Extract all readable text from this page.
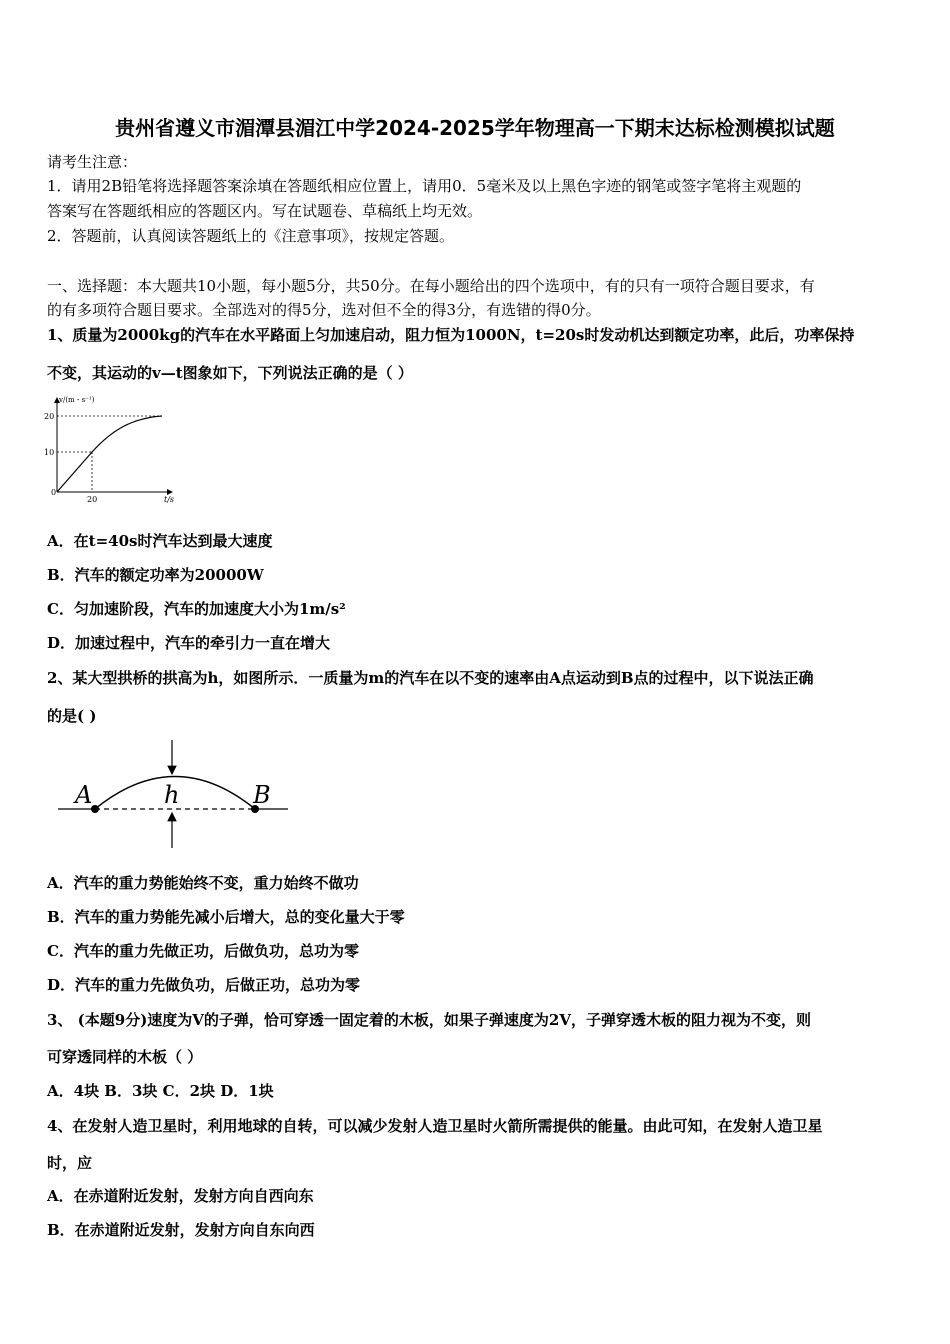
贵州省遵义市湄潭县湄江中学2024-2025学年物理高一下期末达标检测模拟试题
请考生注意：
1．请用2B铅笔将选择题答案涂填在答题纸相应位置上，请用0．5毫米及以上黑色字迹的钢笔或签字笔将主观题的
答案写在答题纸相应的答题区内。写在试题卷、草稿纸上均无效。
2．答题前，认真阅读答题纸上的《注意事项》，按规定答题。
一、选择题：本大题共10小题，每小题5分，共50分。在每小题给出的四个选项中，有的只有一项符合题目要求，有
的有多项符合题目要求。全部选对的得5分，选对但不全的得3分，有选错的得0分。
1、质量为2000kg的汽车在水平路面上匀加速启动，阻力恒为1000N，t=20s时发动机达到额定功率，此后，功率保持
不变，其运动的v—t图象如下，下列说法正确的是（ ）
v/(m・s⁻¹)
20
10
0
20	t/s
A．在t=40s时汽车达到最大速度
B．汽车的额定功率为20000W
C．匀加速阶段，汽车的加速度大小为1m/s²
D．加速过程中，汽车的牵引力一直在增大
2、某大型拱桥的拱高为h，如图所示．一质量为m的汽车在以不变的速率由A点运动到B点的过程中，以下说法正确
的是( )
A	h	B
A．汽车的重力势能始终不变，重力始终不做功
B．汽车的重力势能先减小后增大，总的变化量大于零
C．汽车的重力先做正功，后做负功，总功为零
D．汽车的重力先做负功，后做正功，总功为零
3、 (本题9分)速度为V的子弹，恰可穿透一固定着的木板，如果子弹速度为2V，子弹穿透木板的阻力视为不变，则
可穿透同样的木板（ ）
A．4块 B．3块 C．2块 D．1块
4、在发射人造卫星时，利用地球的自转，可以减少发射人造卫星时火箭所需提供的能量。由此可知，在发射人造卫星
时，应
A．在赤道附近发射，发射方向自西向东
B．在赤道附近发射，发射方向自东向西
